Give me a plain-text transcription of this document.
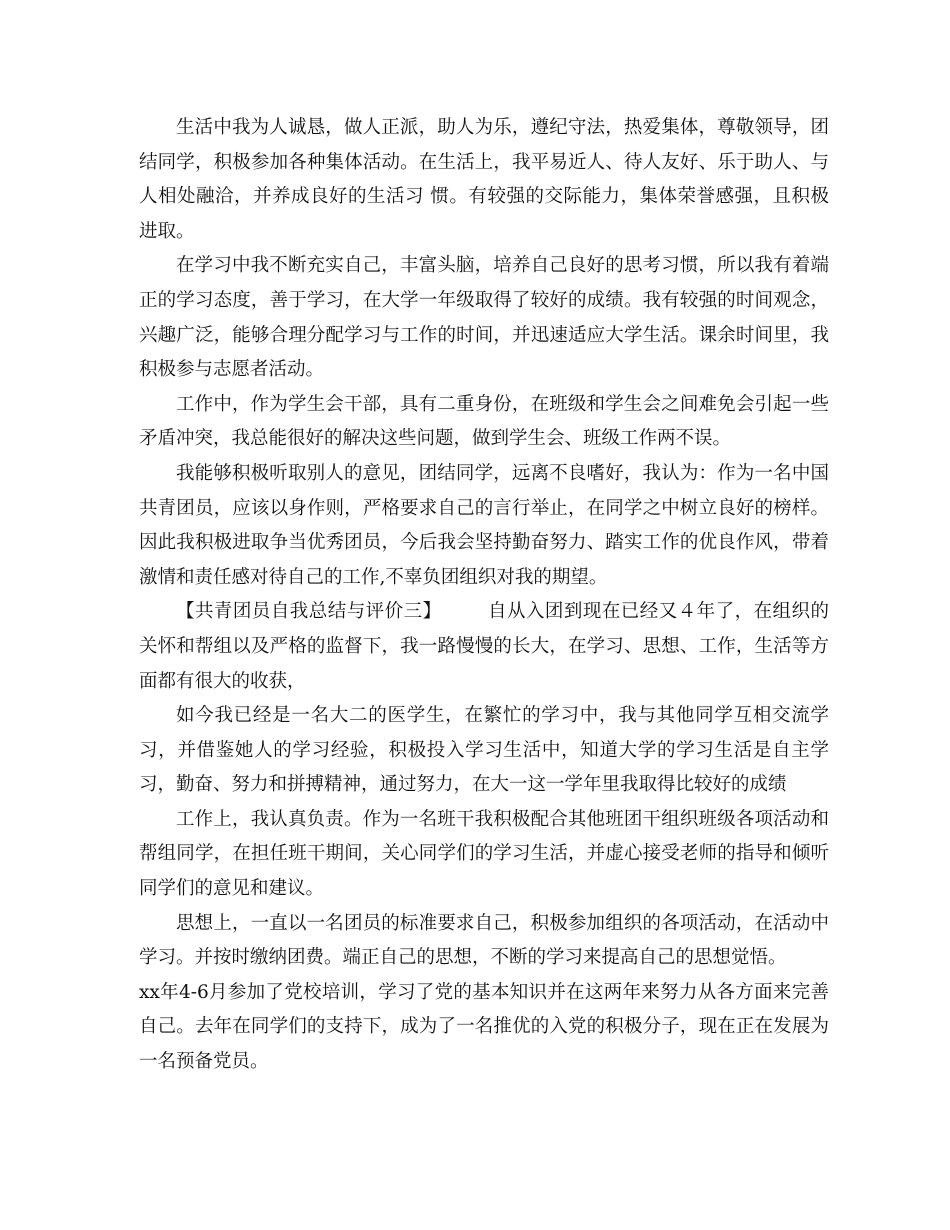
生活中我为人诚恳，做人正派，助人为乐，遵纪守法，热爱集体，尊敬领导，团结同学，积极参加各种集体活动。在生活上，我平易近人、待人友好、乐于助人、与人相处融洽，并养成良好的生活习 惯。有较强的交际能力，集体荣誉感强，且积极进取。

在学习中我不断充实自己，丰富头脑，培养自己良好的思考习惯，所以我有着端正的学习态度，善于学习，在大学一年级取得了较好的成绩。我有较强的时间观念，兴趣广泛，能够合理分配学习与工作的时间，并迅速适应大学生活。课余时间里，我积极参与志愿者活动。

工作中，作为学生会干部，具有二重身份，在班级和学生会之间难免会引起一些矛盾冲突，我总能很好的解决这些问题，做到学生会、班级工作两不误。

我能够积极听取别人的意见，团结同学，远离不良嗜好，我认为：作为一名中国共青团员，应该以身作则，严格要求自己的言行举止，在同学之中树立良好的榜样。因此我积极进取争当优秀团员，今后我会坚持勤奋努力、踏实工作的优良作风，带着激情和责任感对待自己的工作,不辜负团组织对我的期望。

【共青团员自我总结与评价三】 自从入团到现在已经又４年了，在组织的关怀和帮组以及严格的监督下，我一路慢慢的长大，在学习、思想、工作，生活等方面都有很大的收获，

如今我已经是一名大二的医学生，在繁忙的学习中，我与其他同学互相交流学习，并借鉴她人的学习经验，积极投入学习生活中，知道大学的学习生活是自主学习，勤奋、努力和拼搏精神，通过努力，在大一这一学年里我取得比较好的成绩

工作上，我认真负责。作为一名班干我积极配合其他班团干组织班级各项活动和帮组同学，在担任班干期间，关心同学们的学习生活，并虚心接受老师的指导和倾听同学们的意见和建议。

思想上，一直以一名团员的标准要求自己，积极参加组织的各项活动，在活动中学习。并按时缴纳团费。端正自己的思想，不断的学习来提高自己的思想觉悟。

xx年4-6月参加了党校培训，学习了党的基本知识并在这两年来努力从各方面来完善自己。去年在同学们的支持下，成为了一名推优的入党的积极分子，现在正在发展为一名预备党员。
